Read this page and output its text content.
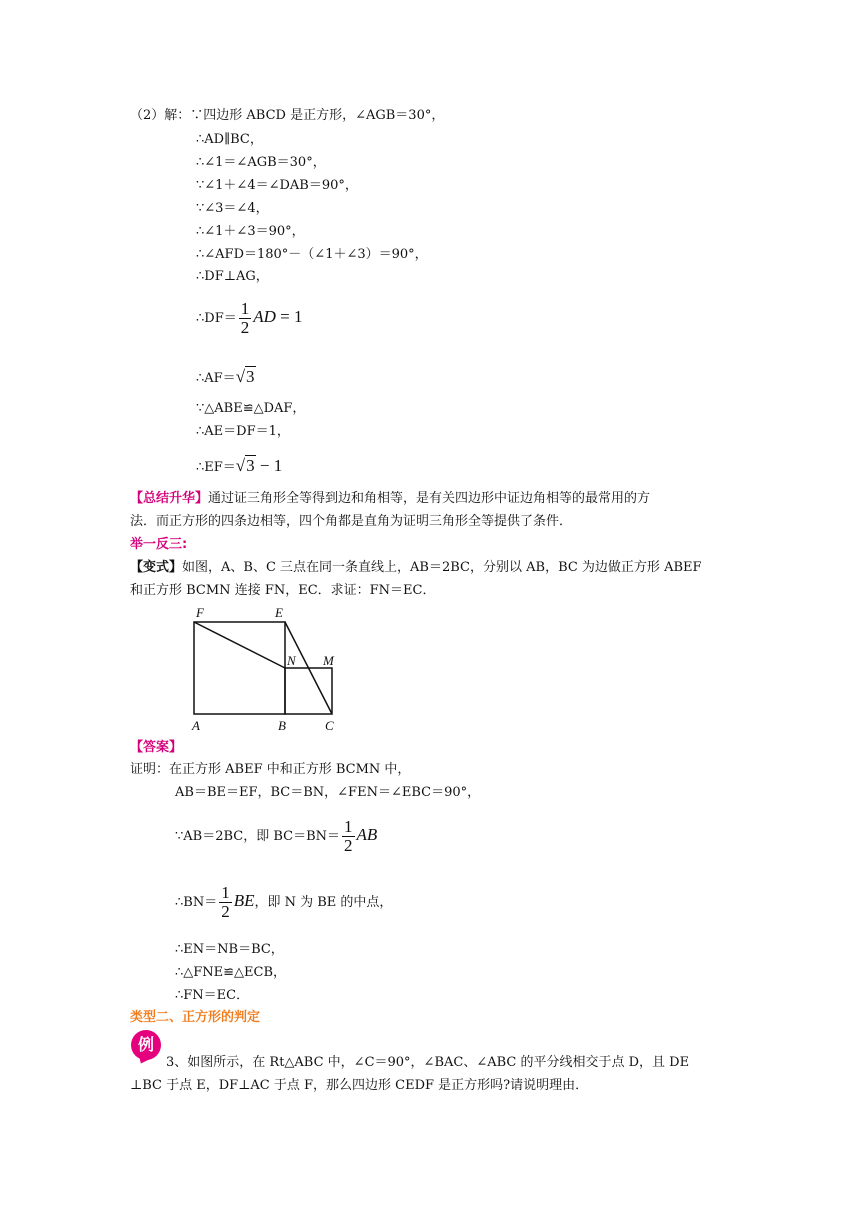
（2）解：∵四边形 ABCD 是正方形，∠AGB＝30°，
∴AD∥BC，
∴∠1＝∠AGB＝30°，
∵∠1＋∠4＝∠DAB＝90°，
∵∠3＝∠4，
∴∠1＋∠3＝90°，
∴∠AFD＝180°－（∠1＋∠3）＝90°，
∴DF⊥AG，
∴DF＝ $\frac{1}{2}$ AD = 1
∴AF＝√3
∵△ABE≌△DAF，
∴AE＝DF＝1，
∴EF＝√3 − 1
【总结升华】通过证三角形全等得到边和角相等，是有关四边形中证边角相等的最常用的方
法．而正方形的四条边相等，四个角都是直角为证明三角形全等提供了条件．
举一反三:
【变式】如图，A、B、C 三点在同一条直线上，AB＝2BC，分别以 AB，BC 为边做正方形 ABEF
和正方形 BCMN 连接 FN，EC．求证：FN＝EC．
F	E
N M
A	B	C
【答案】
证明：在正方形 ABEF 中和正方形 BCMN 中，
AB＝BE＝EF，BC＝BN，∠FEN＝∠EBC＝90°，
∵AB＝2BC，即 $BC=BN= \frac{1}{2}$ AB
∴BN＝ $\frac{1}{2}$ BE，即 N 为 BE 的中点，
∴EN＝NB＝BC，
∴△FNE≌△ECB，
∴FN＝EC．
类型二、正方形的判定
例
3、如图所示，在 Rt△ABC 中，∠C＝90°，∠BAC、∠ABC 的平分线相交于点 D，且 DE
⊥BC 于点 E，DF⊥AC 于点 F，那么四边形 CEDF 是正方形吗?请说明理由．
